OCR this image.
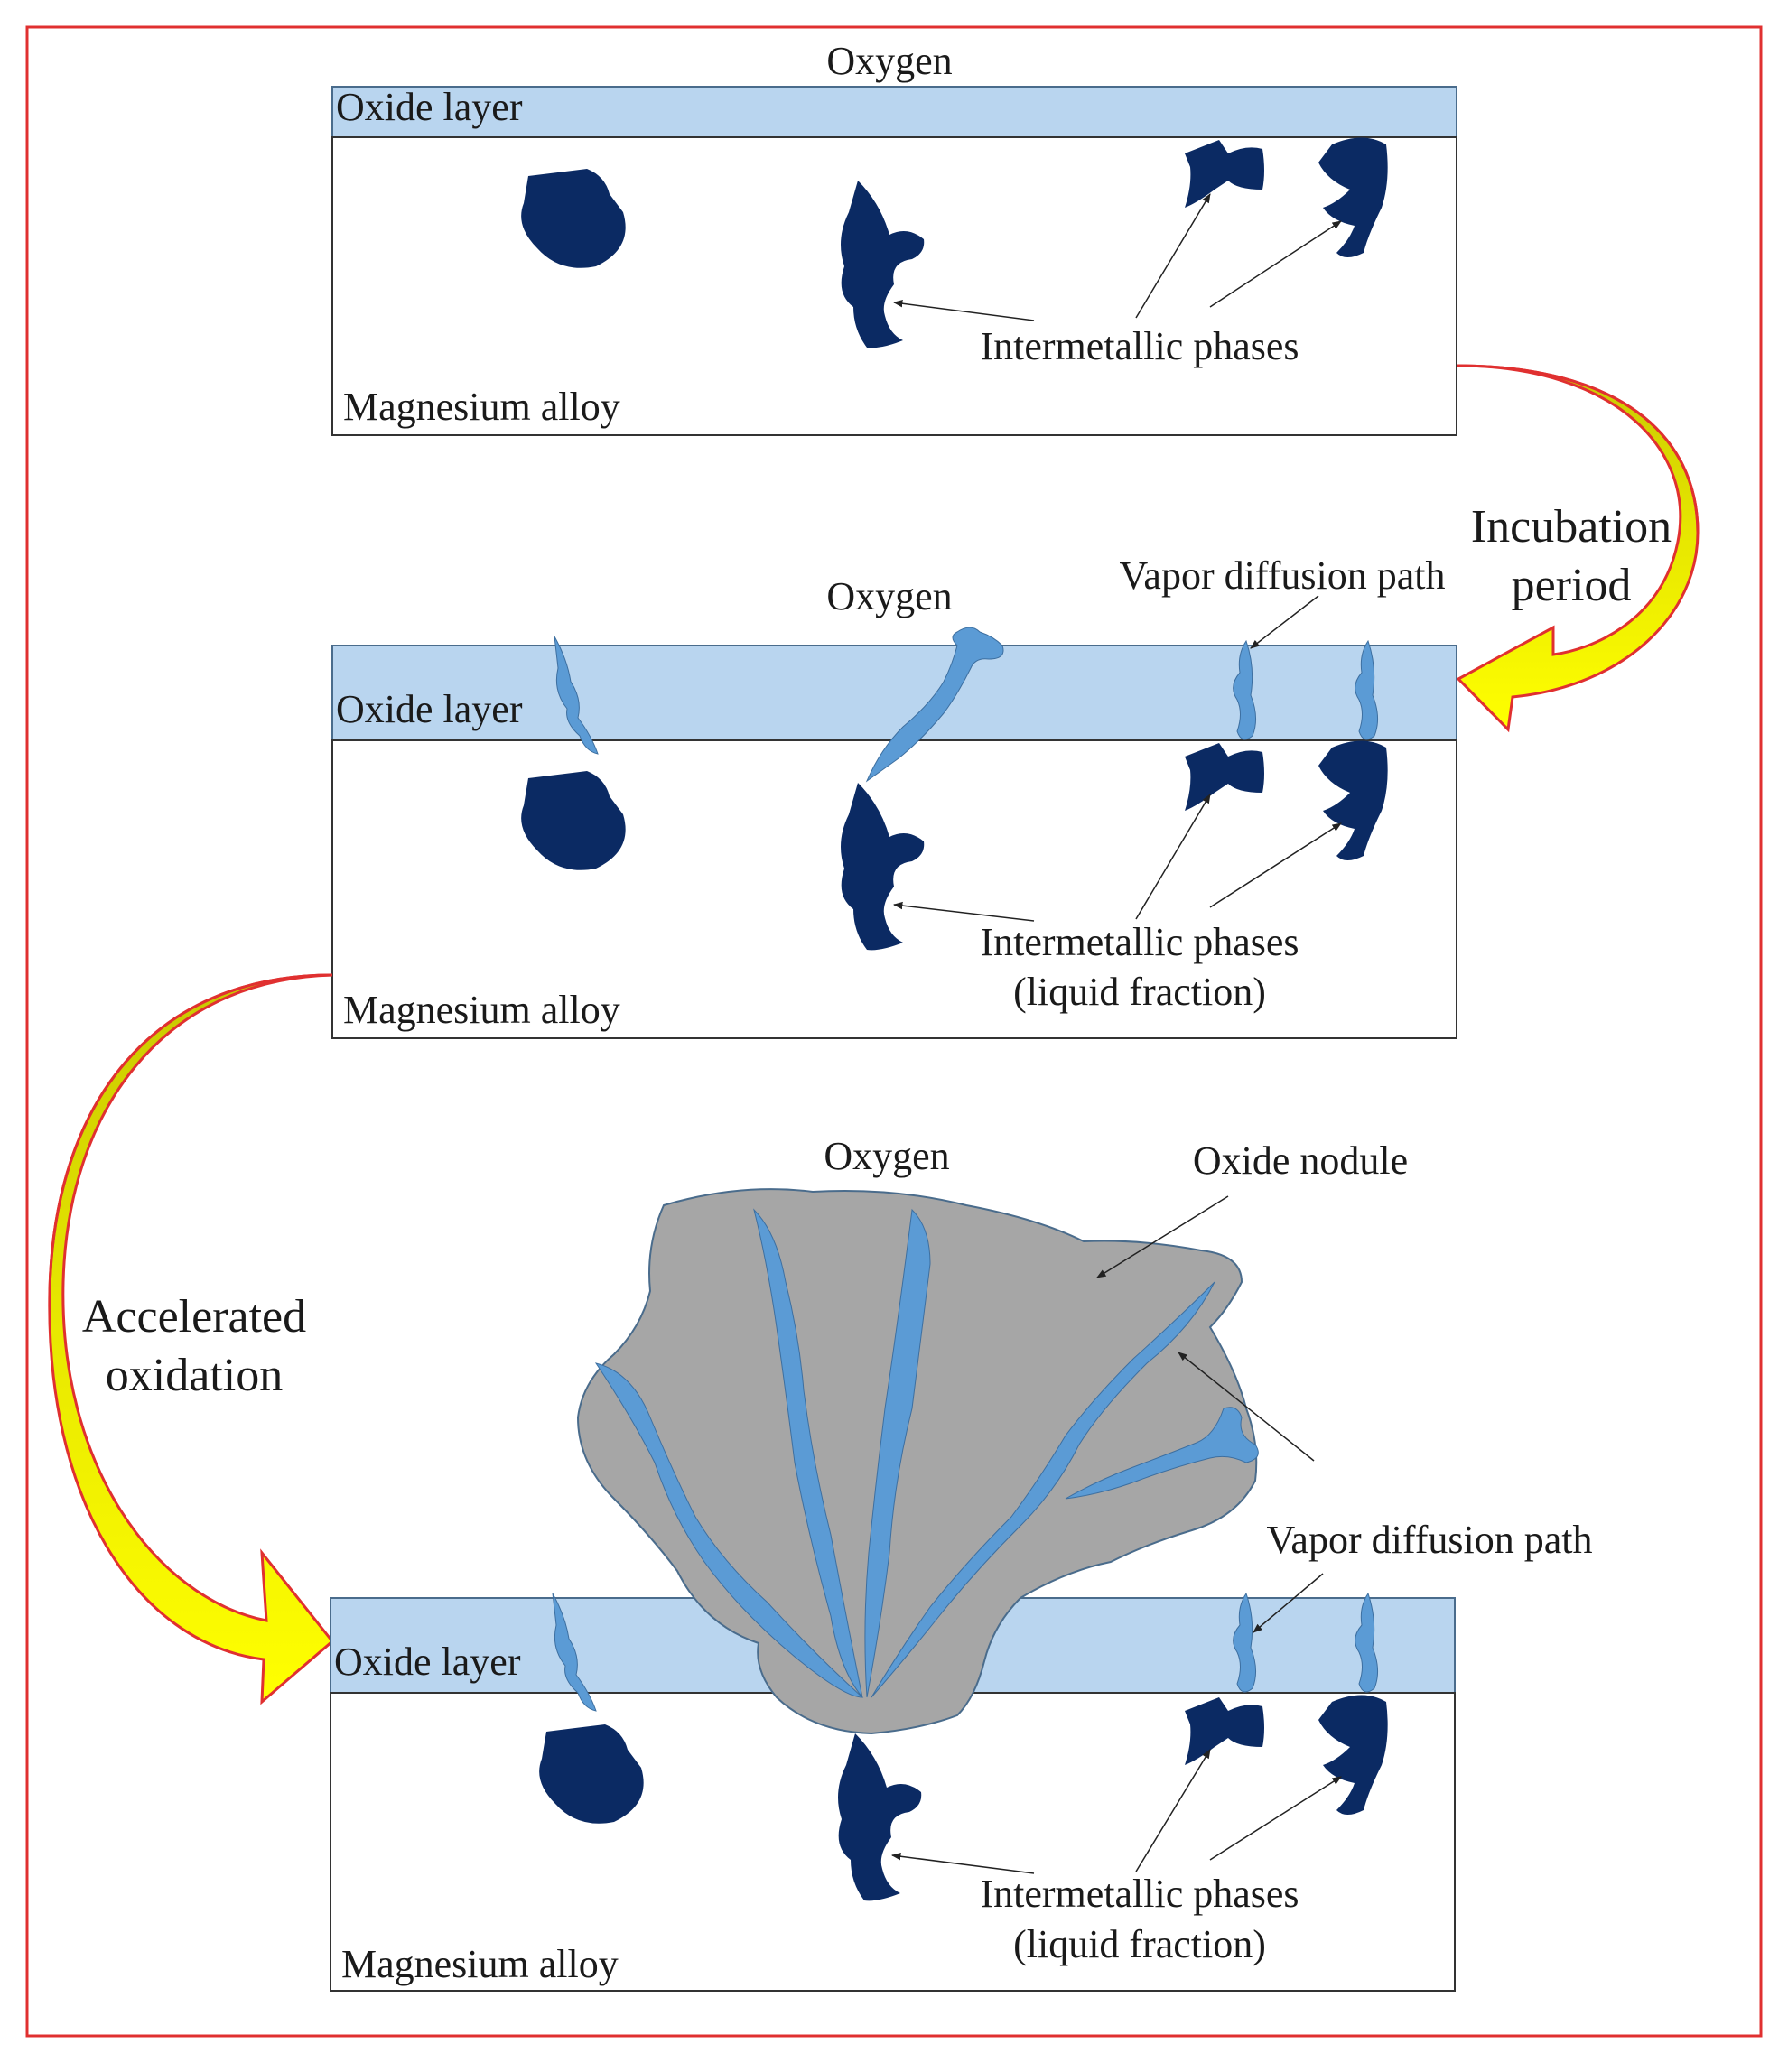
Oxygen
Oxide layer
Magnesium alloy
Intermetallic phases
Incubation
period
Oxygen	Vapor diffusion path
Oxide layer
Magnesium alloy
Intermetallic phases
(liquid fraction)
Accelerated
oxidation
Oxygen	Oxide nodule
Vapor diffusion path
Oxide layer
Magnesium alloy
Intermetallic phases
(liquid fraction)
